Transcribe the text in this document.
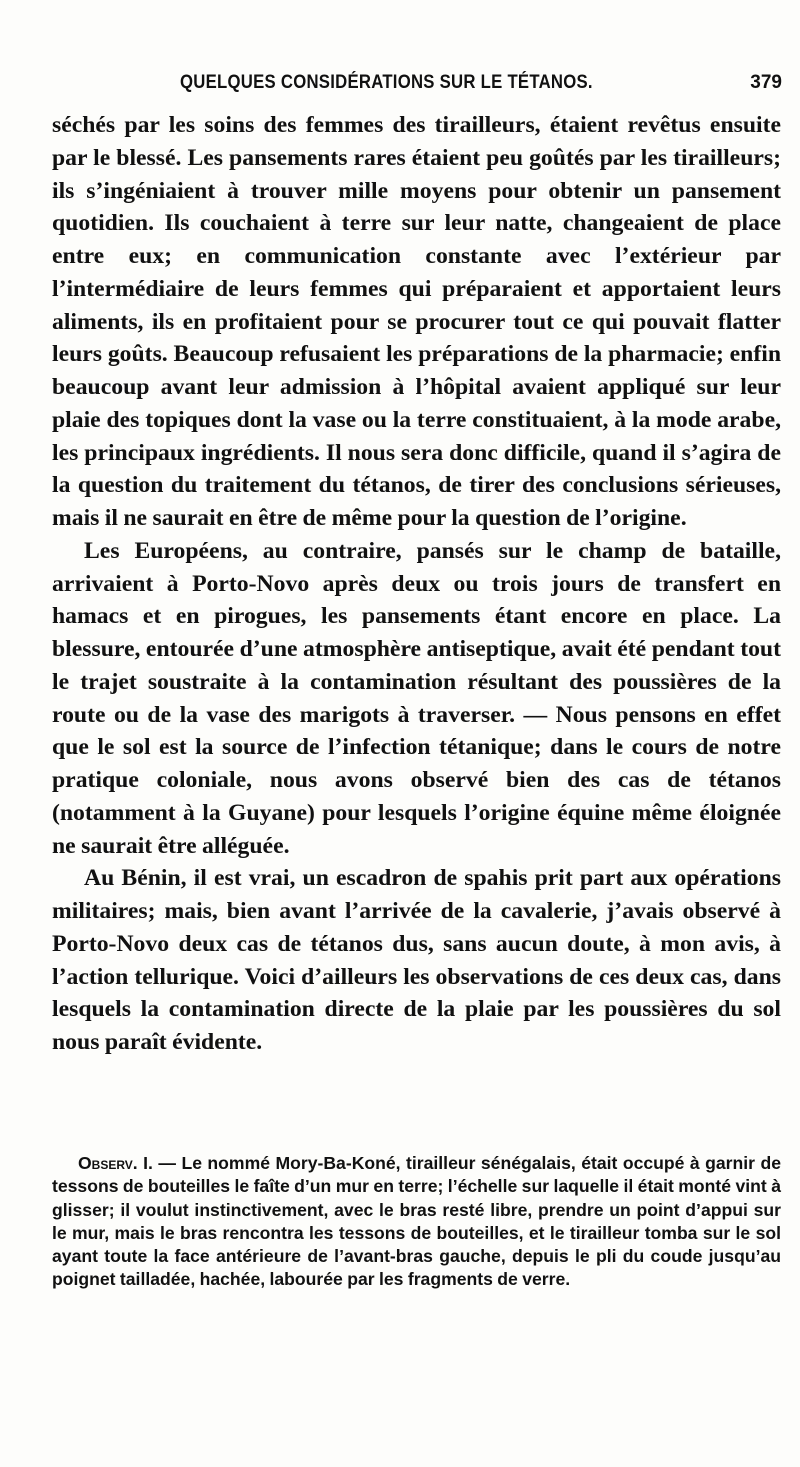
QUELQUES CONSIDÉRATIONS SUR LE TÉTANOS.	379

séchés par les soins des femmes des tirailleurs, étaient revêtus ensuite par le blessé. Les pansements rares étaient peu goûtés par les tirailleurs; ils s’ingéniaient à trouver mille moyens pour obtenir un pansement quotidien. Ils couchaient à terre sur leur natte, changeaient de place entre eux; en communication constante avec l’extérieur par l’intermédiaire de leurs femmes qui préparaient et apportaient leurs aliments, ils en profitaient pour se procurer tout ce qui pouvait flatter leurs goûts. Beaucoup refusaient les préparations de la pharmacie; enfin beaucoup avant leur admission à l’hôpital avaient appliqué sur leur plaie des topiques dont la vase ou la terre constituaient, à la mode arabe, les principaux ingrédients. Il nous sera donc difficile, quand il s’agira de la question du traitement du tétanos, de tirer des conclusions sérieuses, mais il ne saurait en être de même pour la question de l’origine.

Les Européens, au contraire, pansés sur le champ de bataille, arrivaient à Porto-Novo après deux ou trois jours de transfert en hamacs et en pirogues, les pansements étant encore en place. La blessure, entourée d’une atmosphère antiseptique, avait été pendant tout le trajet soustraite à la contamination résultant des poussières de la route ou de la vase des marigots à traverser. — Nous pensons en effet que le sol est la source de l’infection tétanique; dans le cours de notre pratique coloniale, nous avons observé bien des cas de tétanos (notamment à la Guyane) pour lesquels l’origine équine même éloignée ne saurait être alléguée.

Au Bénin, il est vrai, un escadron de spahis prit part aux opérations militaires; mais, bien avant l’arrivée de la cavalerie, j’avais observé à Porto-Novo deux cas de tétanos dus, sans aucun doute, à mon avis, à l’action tellurique. Voici d’ailleurs les observations de ces deux cas, dans lesquels la contamination directe de la plaie par les poussières du sol nous paraît évidente.

Observ. I. — Le nommé Mory-Ba-Koné, tirailleur sénégalais, était occupé à garnir de tessons de bouteilles le faîte d’un mur en terre; l’échelle sur laquelle il était monté vint à glisser; il voulut instinctivement, avec le bras resté libre, prendre un point d’appui sur le mur, mais le bras rencontra les tessons de bouteilles, et le tirailleur tomba sur le sol ayant toute la face antérieure de l’avant-bras gauche, depuis le pli du coude jusqu’au poignet tailladée, hachée, labourée par les fragments de verre.
